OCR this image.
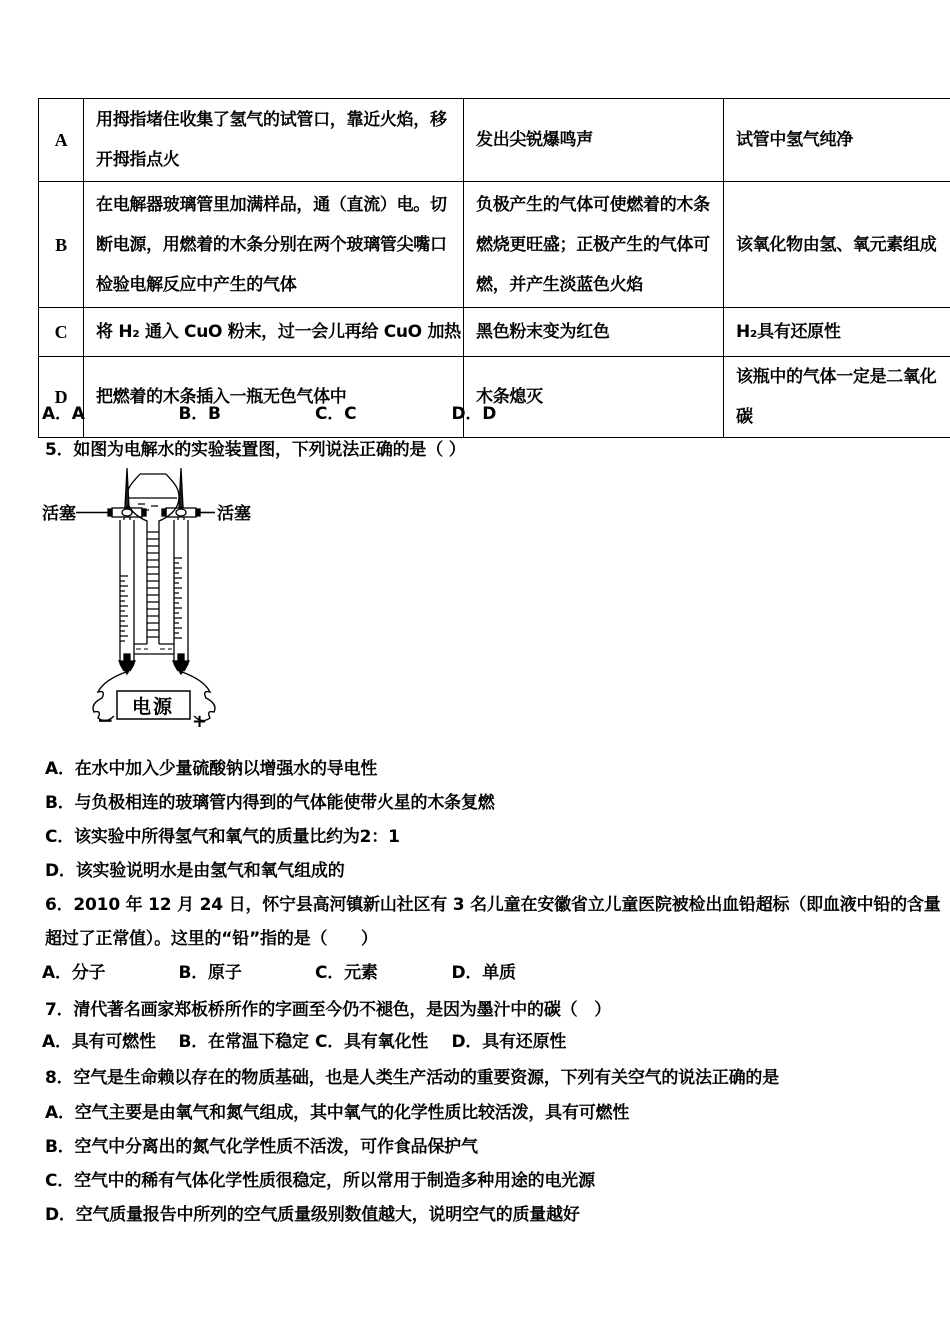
A	用拇指堵住收集了氢气的试管口，靠近火焰，移开拇指点火	发出尖锐爆鸣声	试管中氢气纯净
B	在电解器玻璃管里加满样品，通（直流）电。切断电源，用燃着的木条分别在两个玻璃管尖嘴口检验电解反应中产生的气体	负极产生的气体可使燃着的木条燃烧更旺盛；正极产生的气体可燃，并产生淡蓝色火焰	该氧化物由氢、氧元素组成
C	将 H₂ 通入 CuO 粉末，过一会儿再给 CuO 加热	黑色粉末变为红色	H₂具有还原性
D	把燃着的木条插入一瓶无色气体中	木条熄灭	该瓶中的气体一定是二氧化碳
A．A	B．B	C．C	D．D
5．如图为电解水的实验装置图，下列说法正确的是（ ）
活塞	活塞
电源
−	+
A．在水中加入少量硫酸钠以增强水的导电性
B．与负极相连的玻璃管内得到的气体能使带火星的木条复燃
C．该实验中所得氢气和氧气的质量比约为2：1
D．该实验说明水是由氢气和氧气组成的
6．2010 年 12 月 24 日，怀宁县高河镇新山社区有 3 名儿童在安徽省立儿童医院被检出血铅超标（即血液中铅的含量
超过了正常值）。这里的“铅”指的是（　　）
A．分子	B．原子	C．元素	D．单质
7．清代著名画家郑板桥所作的字画至今仍不褪色，是因为墨汁中的碳（　）
A．具有可燃性	B．在常温下稳定 C．具有氧化性	D．具有还原性
8．空气是生命赖以存在的物质基础，也是人类生产活动的重要资源，下列有关空气的说法正确的是
A．空气主要是由氧气和氮气组成，其中氧气的化学性质比较活泼，具有可燃性
B．空气中分离出的氮气化学性质不活泼，可作食品保护气
C．空气中的稀有气体化学性质很稳定，所以常用于制造多种用途的电光源
D．空气质量报告中所列的空气质量级别数值越大，说明空气的质量越好
